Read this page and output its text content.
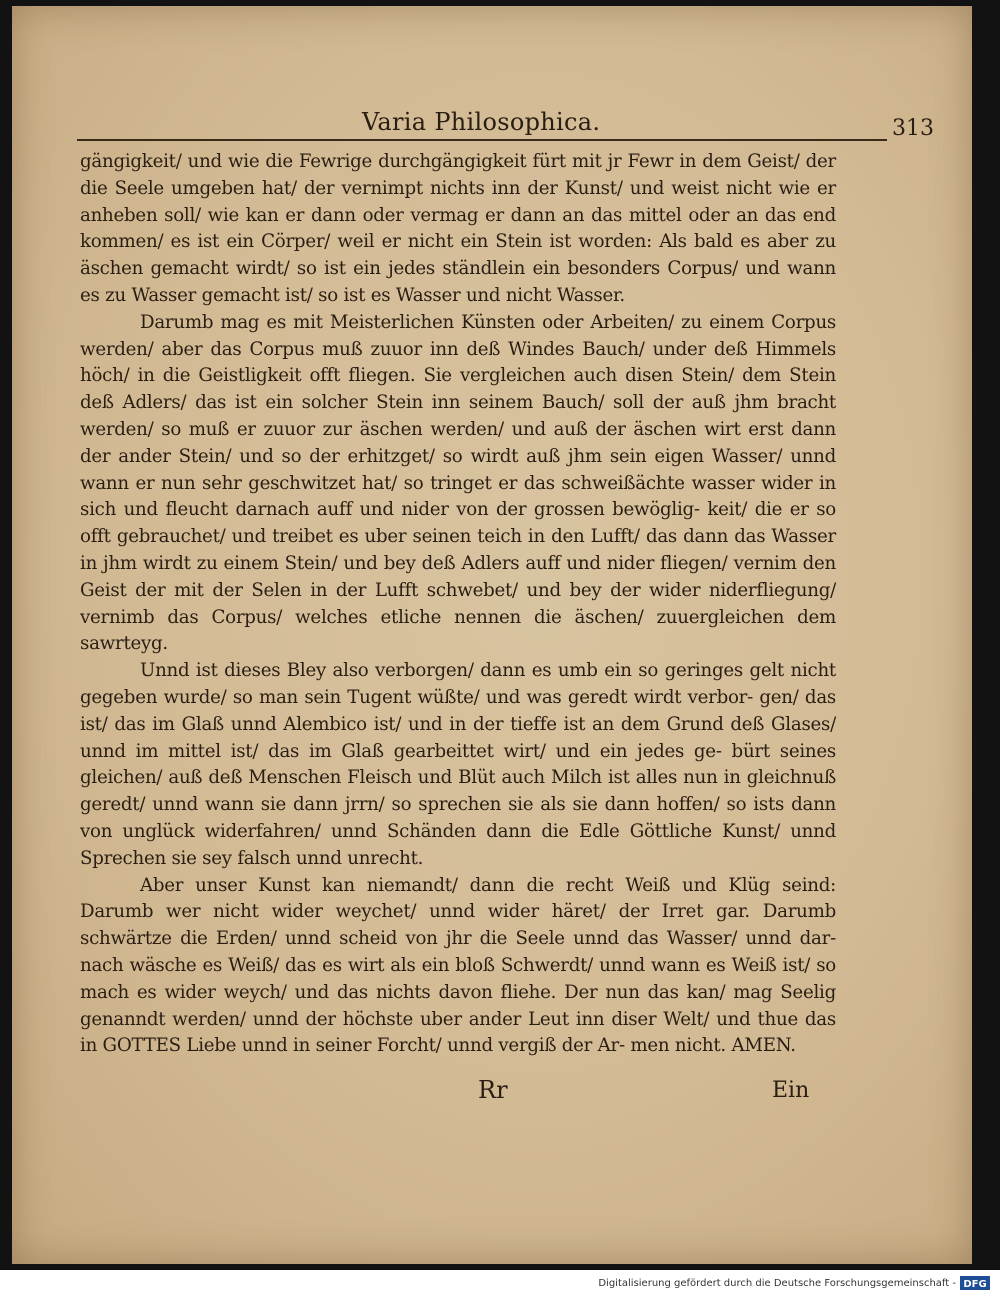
Varia Philosophica.	313

gängigkeit/ und wie die Fewrige durchgängigkeit fürt mit jr Fewr in dem Geist/ der die Seele umgeben hat/ der vernimpt nichts inn der Kunst/ und weist nicht wie er anheben soll/ wie kan er dann oder vermag er dann an das mittel oder an das end kommen/ es ist ein Cörper/ weil er nicht ein Stein ist worden: Als bald es aber zu äschen gemacht wirdt/ so ist ein jedes ständlein ein besonders Corpus/ und wann es zu Wasser gemacht ist/ so ist es Wasser und nicht Wasser.

Darumb mag es mit Meisterlichen Künsten oder Arbeiten/ zu einem Corpus werden/ aber das Corpus muß zuuor inn deß Windes Bauch/ under deß Himmels höch/ in die Geistligkeit offt fliegen. Sie vergleichen auch disen Stein/ dem Stein deß Adlers/ das ist ein solcher Stein inn seinem Bauch/ soll der auß jhm bracht werden/ so muß er zuuor zur äschen werden/ und auß der äschen wirt erst dann der ander Stein/ und so der erhitzget/ so wirdt auß jhm sein eigen Wasser/ unnd wann er nun sehr geschwitzet hat/ so tringet er das schweißächte wasser wider in sich und fleucht darnach auff und nider von der grossen bewöglig- keit/ die er so offt gebrauchet/ und treibet es uber seinen teich in den Lufft/ das dann das Wasser in jhm wirdt zu einem Stein/ und bey deß Adlers auff und nider fliegen/ vernim den Geist der mit der Selen in der Lufft schwebet/ und bey der wider niderfliegung/ vernimb das Corpus/ welches etliche nennen die äschen/ zuuergleichen dem sawrteyg.

Unnd ist dieses Bley also verborgen/ dann es umb ein so geringes gelt nicht gegeben wurde/ so man sein Tugent wüßte/ und was geredt wirdt verbor- gen/ das ist/ das im Glaß unnd Alembico ist/ und in der tieffe ist an dem Grund deß Glases/ unnd im mittel ist/ das im Glaß gearbeittet wirt/ und ein jedes ge- bürt seines gleichen/ auß deß Menschen Fleisch und Blüt auch Milch ist alles nun in gleichnuß geredt/ unnd wann sie dann jrrn/ so sprechen sie als sie dann hoffen/ so ists dann von unglück widerfahren/ unnd Schänden dann die Edle Göttliche Kunst/ unnd Sprechen sie sey falsch unnd unrecht.

Aber unser Kunst kan niemandt/ dann die recht Weiß und Klüg seind: Darumb wer nicht wider weychet/ unnd wider häret/ der Irret gar. Darumb schwärtze die Erden/ unnd scheid von jhr die Seele unnd das Wasser/ unnd dar- nach wäsche es Weiß/ das es wirt als ein bloß Schwerdt/ unnd wann es Weiß ist/ so mach es wider weych/ und das nichts davon fliehe. Der nun das kan/ mag Seelig genanndt werden/ unnd der höchste uber ander Leut inn diser Welt/ und thue das in GOTTES Liebe unnd in seiner Forcht/ unnd vergiß der Ar- men nicht. AMEN.

Rr	Ein
Digitalisierung gefördert durch die Deutsche Forschungsgemeinschaft - DFG
